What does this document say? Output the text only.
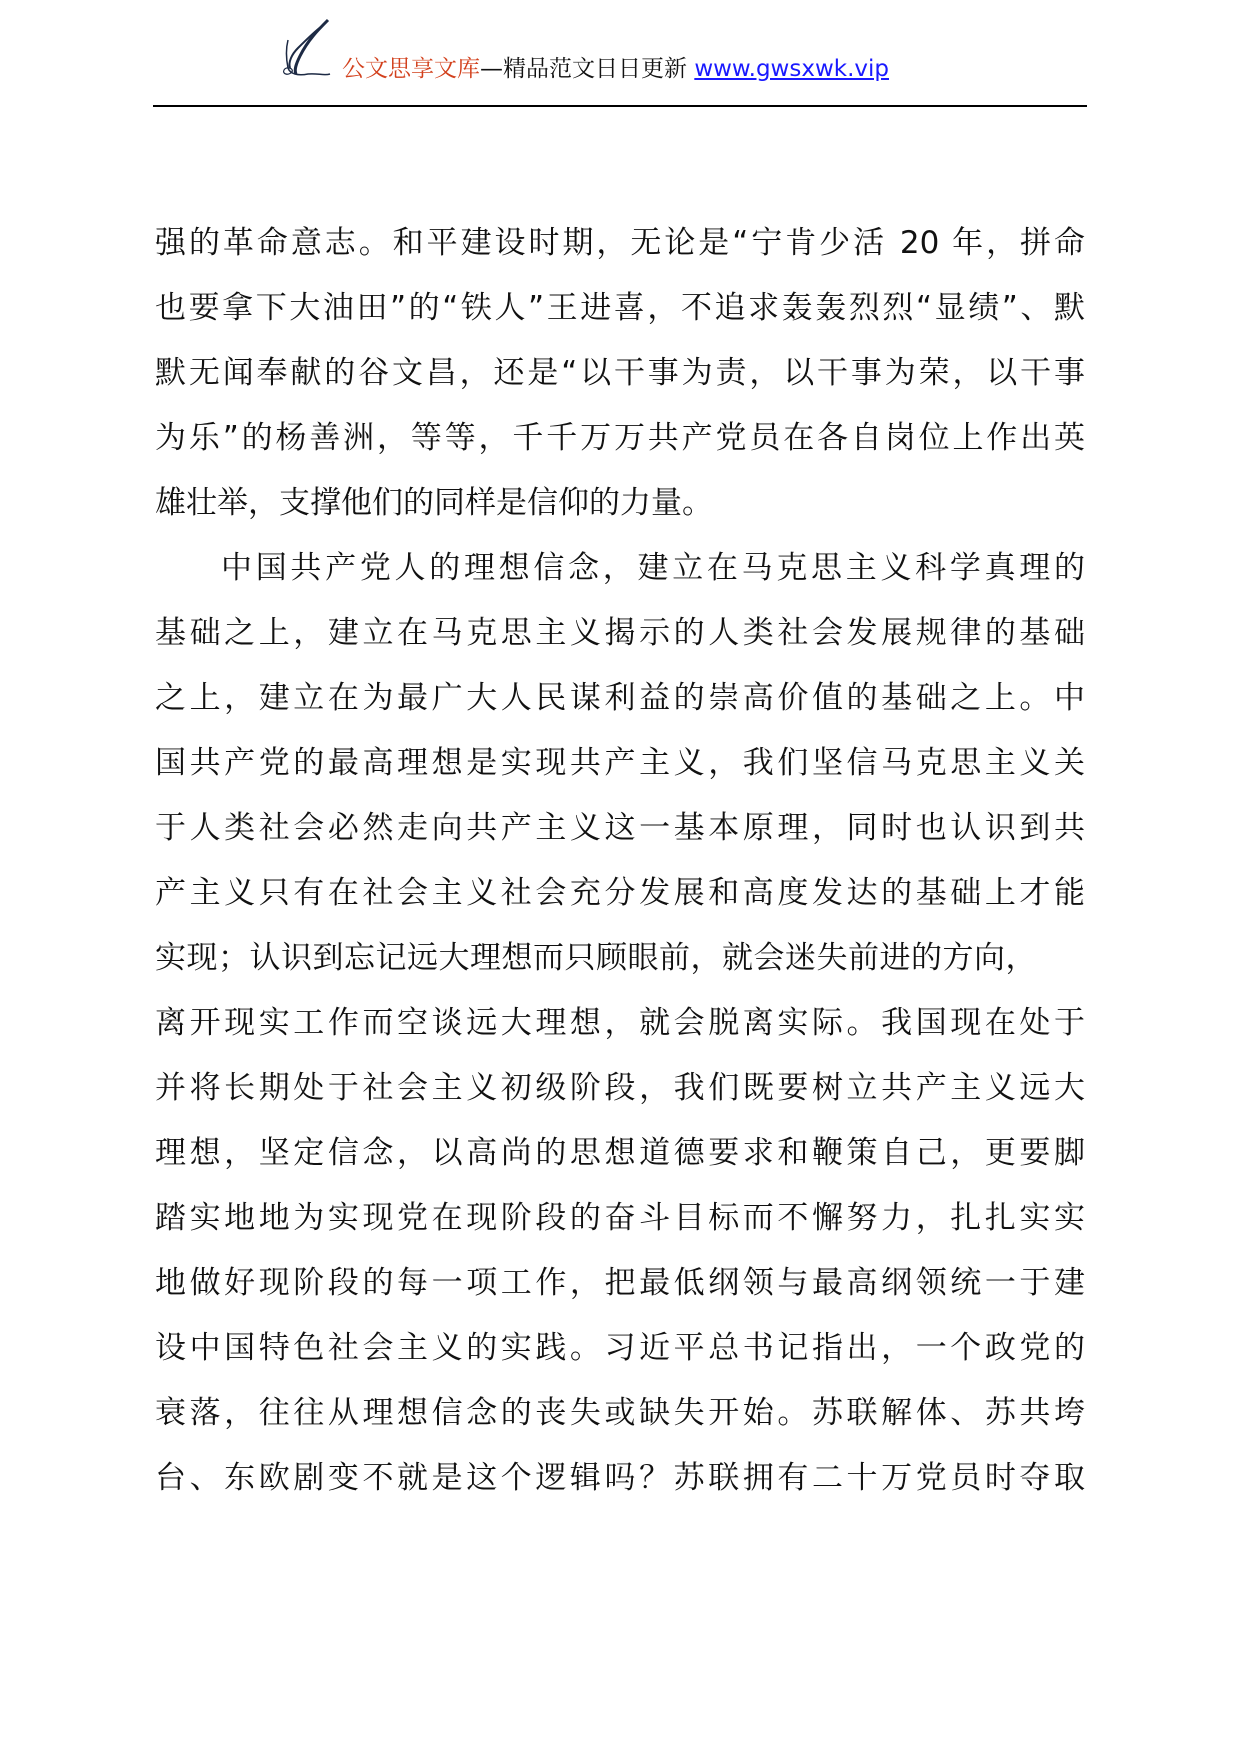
公文思享文库—精品范文日日更新 www.gwsxwk.vip
强的革命意志。和平建设时期，无论是“宁肯少活 20 年，拼命
也要拿下大油田”的“铁人”王进喜，不追求轰轰烈烈“显绩”、默
默无闻奉献的谷文昌，还是“以干事为责，以干事为荣，以干事
为乐”的杨善洲，等等，千千万万共产党员在各自岗位上作出英
雄壮举，支撑他们的同样是信仰的力量。
中国共产党人的理想信念，建立在马克思主义科学真理的
基础之上，建立在马克思主义揭示的人类社会发展规律的基础
之上，建立在为最广大人民谋利益的崇高价值的基础之上。中
国共产党的最高理想是实现共产主义，我们坚信马克思主义关
于人类社会必然走向共产主义这一基本原理，同时也认识到共
产主义只有在社会主义社会充分发展和高度发达的基础上才能
实现；认识到忘记远大理想而只顾眼前，就会迷失前进的方向，
离开现实工作而空谈远大理想，就会脱离实际。我国现在处于
并将长期处于社会主义初级阶段，我们既要树立共产主义远大
理想，坚定信念，以高尚的思想道德要求和鞭策自己，更要脚
踏实地地为实现党在现阶段的奋斗目标而不懈努力，扎扎实实
地做好现阶段的每一项工作，把最低纲领与最高纲领统一于建
设中国特色社会主义的实践。习近平总书记指出，一个政党的
衰落，往往从理想信念的丧失或缺失开始。苏联解体、苏共垮
台、东欧剧变不就是这个逻辑吗？苏联拥有二十万党员时夺取
